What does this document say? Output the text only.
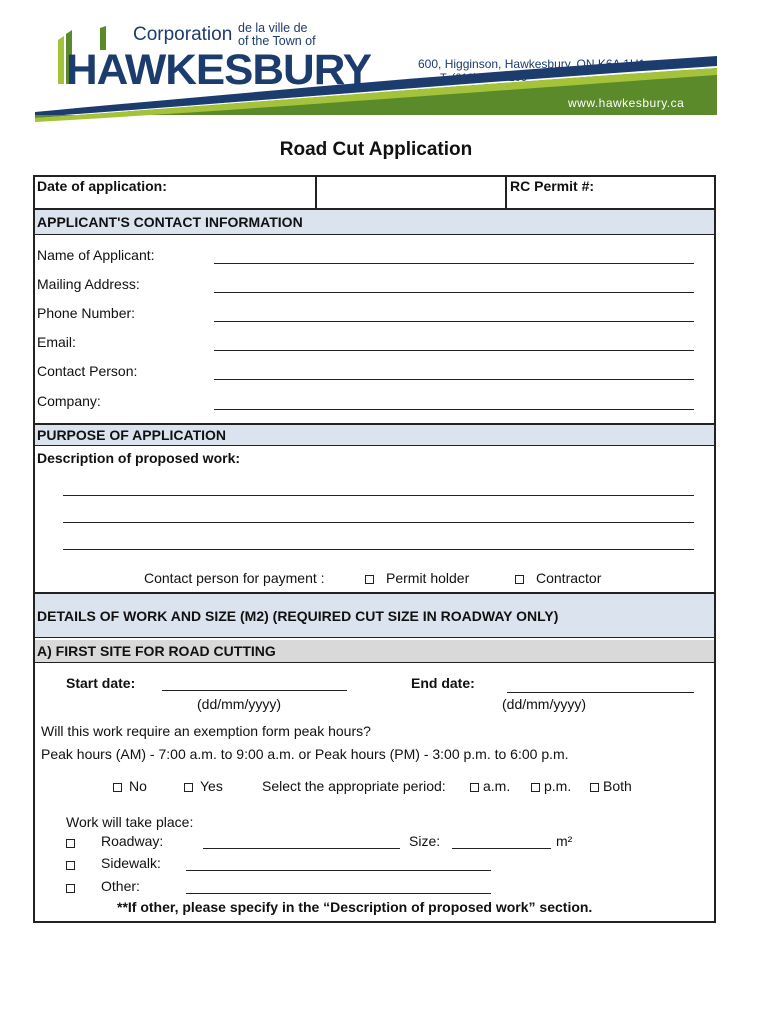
Corporation de la ville de
of the Town of
HAWKESBURY	600, Higginson, Hawkesbury, ON K6A 1H1
T. (613) 632-0106
www.hawkesbury.ca
Road Cut Application
Date of application:	RC Permit #:
APPLICANT'S CONTACT INFORMATION
Name of Applicant:
Mailing Address:
Phone Number:
Email:
Contact Person:
Company:
PURPOSE OF APPLICATION
Description of proposed work:
Contact person for payment :	Permit holder	Contractor
DETAILS OF WORK AND SIZE (M2) (REQUIRED CUT SIZE IN ROADWAY ONLY)
A) FIRST SITE FOR ROAD CUTTING
Start date:
(dd/mm/yyyy)
End date:
(dd/mm/yyyy)
Will this work require an exemption form peak hours?
Peak hours (AM) - 7:00 a.m. to 9:00 a.m. or Peak hours (PM) - 3:00 p.m. to 6:00 p.m.
No	Yes	Select the appropriate period:	a.m. p.m. Both
Work will take place:
Roadway:	Size:	m²
Sidewalk:
Other:
**If other, please specify in the “Description of proposed work” section.
